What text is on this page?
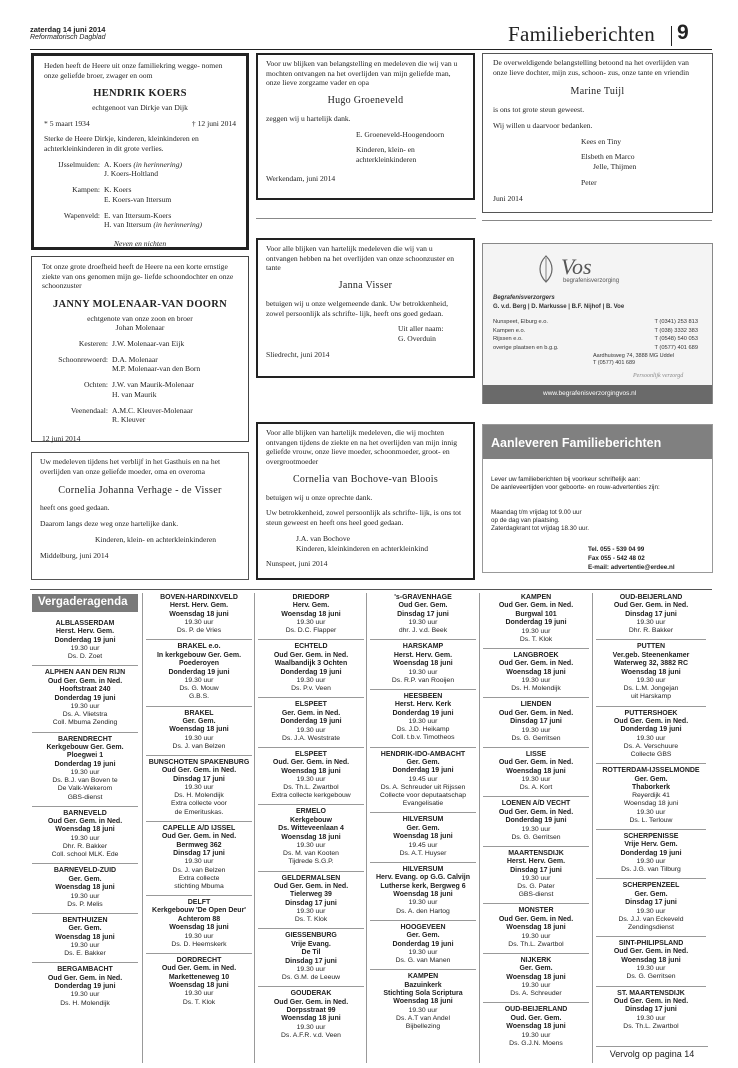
zaterdag 14 juni 2014
Reformatorisch Dagblad	Familieberichten 9
Heden heeft de Heere uit onze familiekring wegge- nomen onze geliefde broer, zwager en oom
HENDRIK KOERS
echtgenoot van Dirkje van Dijk
* 5 maart 1934	† 12 juni 2014
Sterke de Heere Dirkje, kinderen, kleinkinderen en achterkleinkinderen in dit grote verlies.
IJsselmuiden: A. Koers (in herinnering)
J. Koers-Holtland
Kampen: K. Koers
E. Koers-van Ittersum
Wapenveld: E. van Ittersum-Koers
H. van Ittersum (in herinnering)
Neven en nichten
Voor uw blijken van belangstelling en medeleven die wij van u mochten ontvangen na het overlijden van mijn geliefde man, onze lieve zorgzame vader en opa
Hugo Groeneveld
zeggen wij u hartelijk dank.
E. Groeneveld-Hoogendoorn
Kinderen, klein- en achterkleinkinderen
Werkendam, juni 2014
De overweldigende belangstelling betoond na het overlijden van onze lieve dochter, mijn zus, schoon- zus, onze tante en vriendin
Marine Tuijl
is ons tot grote steun geweest.
Wij willen u daarvoor bedanken.
Kees en Tiny
Elsbeth en Marco
Jelle, Thijmen
Peter
Juni 2014
Tot onze grote droefheid heeft de Heere na een korte ernstige ziekte van ons genomen mijn ge- liefde schoondochter en onze schoonzuster
JANNY MOLENAAR-VAN DOORN
echtgenote van onze zoon en broer
Johan Molenaar
Kesteren: J.W. Molenaar-van Eijk
Schoonrewoerd: D.A. Molenaar
M.P. Molenaar-van den Born
Ochten: J.W. van Maurik-Molenaar
H. van Maurik
Veenendaal: A.M.C. Kleuver-Molenaar
R. Kleuver
12 juni 2014
Voor alle blijken van hartelijk medeleven die wij van u ontvangen hebben na het overlijden van onze schoonzuster en tante
Janna Visser
betuigen wij u onze welgemeende dank. Uw betrokkenheid, zowel persoonlijk als schrifte- lijk, heeft ons goed gedaan.
Uit aller naam:
G. Overduin
Sliedrecht, juni 2014
Vos
begrafenisverzorging
Begrafenisverzorgers
G. v.d. Berg | D. Markusse | B.F. Nijhof | B. Voe
Nunspeet, Elburg e.o.	T (0341) 253 813
Kampen e.o.	T (038) 3332 383
Rijssen e.o.	T (0548) 540 053
overige plaatsen en b.g.g.	T (0577) 401 689
Aardhuisweg 74, 3888 MG Uddel
T (0577) 401 689
Persoonlijk verzorgd
www.begrafenisverzorgingvos.nl
Uw medeleven tijdens het verblijf in het Gasthuis en na het overlijden van onze geliefde moeder, oma en overoma
Cornelia Johanna Verhage - de Visser
heeft ons goed gedaan.
Daarom langs deze weg onze hartelijke dank.
Kinderen, klein- en achterkleinkinderen
Middelburg, juni 2014
Voor alle blijken van hartelijk medeleven, die wij mochten ontvangen tijdens de ziekte en na het overlijden van mijn innig geliefde vrouw, onze lieve moeder, schoonmoeder, groot- en overgrootmoeder
Cornelia van Bochove-van Bloois
betuigen wij u onze oprechte dank.
Uw betrokkenheid, zowel persoonlijk als schrifte- lijk, is ons tot steun geweest en heeft ons heel goed gedaan.
J.A. van Bochove
Kinderen, kleinkinderen en achterkleinkind
Nunspeet, juni 2014
Aanleveren Familieberichten
Lever uw familieberichten bij voorkeur schriftelijk aan:
De aanleveertijden voor geboorte- en rouw-advertenties zijn:
Maandag t/m vrijdag tot 9.00 uur
op de dag van plaatsing.
Zaterdagkrant tot vrijdag 18.30 uur.
Tel. 055 - 539 04 99
Fax 055 - 542 48 02
E-mail: advertentie@erdee.nl
Vergaderagenda
ALBLASSERDAM
Herst. Herv. Gem.
Donderdag 19 juni
19.30 uur
Ds. D. Zoet
ALPHEN AAN DEN RIJN
Oud Ger. Gem. in Ned.
Hooftstraat 240
Donderdag 19 juni
19.30 uur
Ds. A. Vlietstra
Coll. Mbuma Zending
BARENDRECHT
Kerkgebouw Ger. Gem.
Ploegwei 1
Donderdag 19 juni
19.30 uur
Ds. B.J. van Boven te
De Valk-Wekerom
GBS-dienst
BARNEVELD
Oud Ger. Gem. in Ned.
Woensdag 18 juni
19.30 uur
Dhr. R. Bakker
Coll. school MLK. Ede
BARNEVELD-ZUID
Ger. Gem.
Woensdag 18 juni
19.30 uur
Ds. P. Melis
BENTHUIZEN
Ger. Gem.
Woensdag 18 juni
19.30 uur
Ds. E. Bakker
BERGAMBACHT
Oud Ger. Gem. in Ned.
Donderdag 19 juni
19.30 uur
Ds. H. Molendijk
BOVEN-HARDINXVELD
Herst. Herv. Gem.
Woensdag 18 juni
19.30 uur
Ds. P. de Vries
BRAKEL e.o.
In kerkgebouw Ger. Gem.
Poederoyen
Donderdag 19 juni
19.30 uur
Ds. G. Mouw
G.B.S.
BRAKEL
Ger. Gem.
Woensdag 18 juni
19.30 uur
Ds. J. van Belzen
BUNSCHOTEN SPAKENBURG
Oud Ger. Gem. in Ned.
Dinsdag 17 juni
19.30 uur
Ds. H. Molendijk
Extra collecte voor
de Emerituskas.
CAPELLE A/D IJSSEL
Oud Ger. Gem. in Ned.
Bermweg 362
Dinsdag 17 juni
19.30 uur
Ds. J. van Belzen
Extra collecte
stichting Mbuma
DELFT
Kerkgebouw 'De Open Deur'
Achterom 88
Woensdag 18 juni
19.30 uur
Ds. D. Heemskerk
DORDRECHT
Oud Ger. Gem. in Ned.
Marketteneweg 10
Woensdag 18 juni
19.30 uur
Ds. T. Klok
DRIEDORP
Herv. Gem.
Woensdag 18 juni
19.30 uur
Ds. D.C. Flapper
ECHTELD
Oud Ger. Gem. in Ned.
Waalbandijk 3 Ochten
Donderdag 19 juni
19.30 uur
Ds. P.v. Veen
ELSPEET
Ger. Gem. in Ned.
Donderdag 19 juni
19.30 uur
Ds. J.A. Weststrate
ELSPEET
Oud. Ger. Gem. in Ned.
Woensdag 18 juni
19.30 uur
Ds. Th.L. Zwartbol
Extra collecte kerkgebouw
ERMELO
Kerkgebouw
Ds. Witteveenlaan 4
Woensdag 18 juni
19.30 uur
Ds. M. van Kooten
Tijdrede S.G.P.
GELDERMALSEN
Oud Ger. Gem. in Ned.
Tielerweg 39
Dinsdag 17 juni
19.30 uur
Ds. T. Klok
GIESSENBURG
Vrije Evang.
De Til
Dinsdag 17 juni
19.30 uur
Ds. G.M. de Leeuw
GOUDERAK
Oud Ger. Gem. in Ned.
Dorpsstraat 99
Woensdag 18 juni
19.30 uur
Ds. A.F.R. v.d. Veen
's-GRAVENHAGE
Oud Ger. Gem.
Dinsdag 17 juni
19.30 uur
dhr. J. v.d. Beek
HARSKAMP
Herst. Herv. Gem.
Woensdag 18 juni
19.30 uur
Ds. R.P. van Rooijen
HEESBEEN
Herst. Herv. Kerk
Donderdag 19 juni
19.30 uur
Ds. J.D. Heikamp
Coll. t.b.v. Timotheos
HENDRIK-IDO-AMBACHT
Ger. Gem.
Donderdag 19 juni
19.45 uur
Ds. A. Schreuder uit Rijssen
Collecte voor deputaatschap
Evangelisatie
HILVERSUM
Ger. Gem.
Woensdag 18 juni
19.45 uur
Ds. A.T. Huyser
HILVERSUM
Herv. Evang. op G.G. Calvijn
Lutherse kerk, Bergweg 6
Woensdag 18 juni
19.30 uur
Ds. A. den Hartog
HOOGEVEEN
Ger. Gem.
Donderdag 19 juni
19.30 uur
Ds. G. van Manen
KAMPEN
Bazuinkerk
Stichting Sola Scriptura
Woensdag 18 juni
19.30 uur
Ds. A.T van Andel
Bijbellezing
KAMPEN
Oud Ger. Gem. in Ned.
Burgwal 101
Donderdag 19 juni
19.30 uur
Ds. T. Klok
LANGBROEK
Oud Ger. Gem. in Ned.
Woensdag 18 juni
19.30 uur
Ds. H. Molendijk
LIENDEN
Oud Ger. Gem. in Ned.
Dinsdag 17 juni
19.30 uur
Ds. G. Gerritsen
LISSE
Oud Ger. Gem. in Ned.
Woensdag 18 juni
19.30 uur
Ds. A. Kort
LOENEN A/D VECHT
Oud Ger. Gem. in Ned.
Donderdag 19 juni
19.30 uur
Ds. G. Gerritsen
MAARTENSDIJK
Herst. Herv. Gem.
Dinsdag 17 juni
19.30 uur
Ds. G. Pater
GBS-dienst
MONSTER
Oud Ger. Gem. in Ned.
Woensdag 18 juni
19.30 uur
Ds. Th.L. Zwartbol
NIJKERK
Ger. Gem.
Woensdag 18 juni
19.30 uur
Ds. A. Schreuder
OUD-BEIJERLAND
Oud. Ger. Gem.
Woensdag 18 juni
19.30 uur
Ds. G.J.N. Moens
OUD-BEIJERLAND
Oud Ger. Gem. in Ned.
Dinsdag 17 juni
19.30 uur
Dhr. R. Bakker
PUTTEN
Ver.geb. Steenenkamer
Waterweg 32, 3882 RC
Woensdag 18 juni
19.30 uur
Ds. L.M. Jongejan
uit Harskamp
PUTTERSHOEK
Oud Ger. Gem. in Ned.
Donderdag 19 juni
19.30 uur
Ds. A. Verschuure
Collecte GBS
ROTTERDAM-IJSSELMONDE
Ger. Gem.
Thaborkerk
Reyerdijk 41
Woensdag 18 juni
19.30 uur
Ds. L. Terlouw
SCHERPENISSE
Vrije Herv. Gem.
Donderdag 19 juni
19.30 uur
Ds. J.G. van Tilburg
SCHERPENZEEL
Ger. Gem.
Dinsdag 17 juni
19.30 uur
Ds. J.J. van Eckeveld
Zendingsdienst
SINT-PHILIPSLAND
Oud Ger. Gem. in Ned.
Woensdag 18 juni
19.30 uur
Ds. G. Gerritsen
ST. MAARTENSDIJK
Oud Ger. Gem. in Ned.
Dinsdag 17 juni
19.30 uur
Ds. Th.L. Zwartbol
Vervolg op pagina 14
